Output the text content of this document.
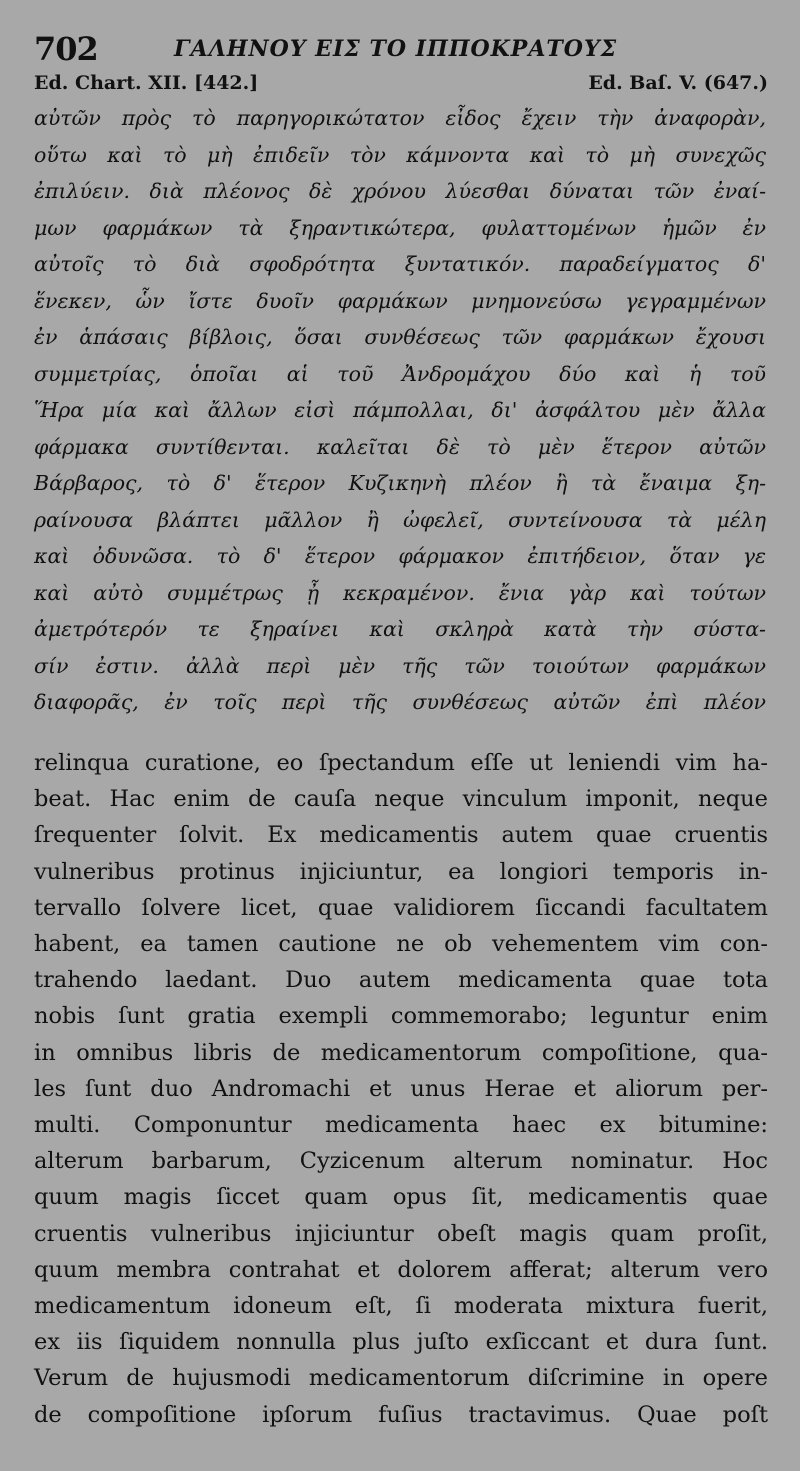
702	ΓΑΛΗΝΟΥ ΕΙΣ ΤΟ ΙΠΠΟΚΡΑΤΟΥΣ
Ed. Chart. XII. [442.]	Ed. Baſ. V. (647.)
αὐτῶν πρὸς τὸ παρηγορικώτατον εἶδος ἔχειν τὴν ἀναφορὰν,
οὕτω καὶ τὸ μὴ ἐπιδεῖν τὸν κάμνοντα καὶ τὸ μὴ συνεχῶς
ἐπιλύειν. διὰ πλέονος δὲ χρόνου λύεσθαι δύναται τῶν ἐναί-
μων φαρμάκων τὰ ξηραντικώτερα, φυλαττομένων ἡμῶν ἐν
αὐτοῖς τὸ διὰ σφοδρότητα ξυντατικόν. παραδείγματος δ'
ἕνεκεν, ὧν ἴστε δυοῖν φαρμάκων μνημονεύσω γεγραμμένων
ἐν ἁπάσαις βίβλοις, ὅσαι συνθέσεως τῶν φαρμάκων ἔχουσι
συμμετρίας, ὁποῖαι αἱ τοῦ Ἀνδρομάχου δύο καὶ ἡ τοῦ
Ἥρα μία καὶ ἄλλων εἰσὶ πάμπολλαι, δι' ἀσφάλτου μὲν ἄλλα
φάρμακα συντίθενται. καλεῖται δὲ τὸ μὲν ἕτερον αὐτῶν
Βάρβαρος, τὸ δ' ἕτερον Κυζικηνὴ πλέον ἢ τὰ ἔναιμα ξη-
ραίνουσα βλάπτει μᾶλλον ἢ ὠφελεῖ, συντείνουσα τὰ μέλη
καὶ ὀδυνῶσα. τὸ δ' ἕτερον φάρμακον ἐπιτήδειον, ὅταν γε
καὶ αὐτὸ συμμέτρως ᾖ κεκραμένον. ἔνια γὰρ καὶ τούτων
ἀμετρότερόν τε ξηραίνει καὶ σκληρὰ κατὰ τὴν σύστα-
σίν ἐστιν. ἀλλὰ περὶ μὲν τῆς τῶν τοιούτων φαρμάκων
διαφορᾶς, ἐν τοῖς περὶ τῆς συνθέσεως αὐτῶν ἐπὶ πλέον
relinqua curatione, eo ſpectandum eſſe ut leniendi vim ha-
beat. Hac enim de cauſa neque vinculum imponit, neque
ſrequenter ſolvit. Ex medicamentis autem quae cruentis
vulneribus protinus injiciuntur, ea longiori temporis in-
tervallo ſolvere licet, quae validiorem ſiccandi facultatem
habent, ea tamen cautione ne ob vehementem vim con-
trahendo laedant. Duo autem medicamenta quae tota
nobis ſunt gratia exempli commemorabo; leguntur enim
in omnibus libris de medicamentorum compoſitione, qua-
les ſunt duo Andromachi et unus Herae et aliorum per-
multi. Componuntur medicamenta haec ex bitumine:
alterum barbarum, Cyzicenum alterum nominatur. Hoc
quum magis ſiccet quam opus ſit, medicamentis quae
cruentis vulneribus injiciuntur obeſt magis quam proſit,
quum membra contrahat et dolorem afferat; alterum vero
medicamentum idoneum eſt, ſi moderata mixtura fuerit,
ex iis ſiquidem nonnulla plus juſto exſiccant et dura ſunt.
Verum de hujusmodi medicamentorum diſcrimine in opere
de compoſitione ipſorum fuſius tractavimus. Quae poſt
